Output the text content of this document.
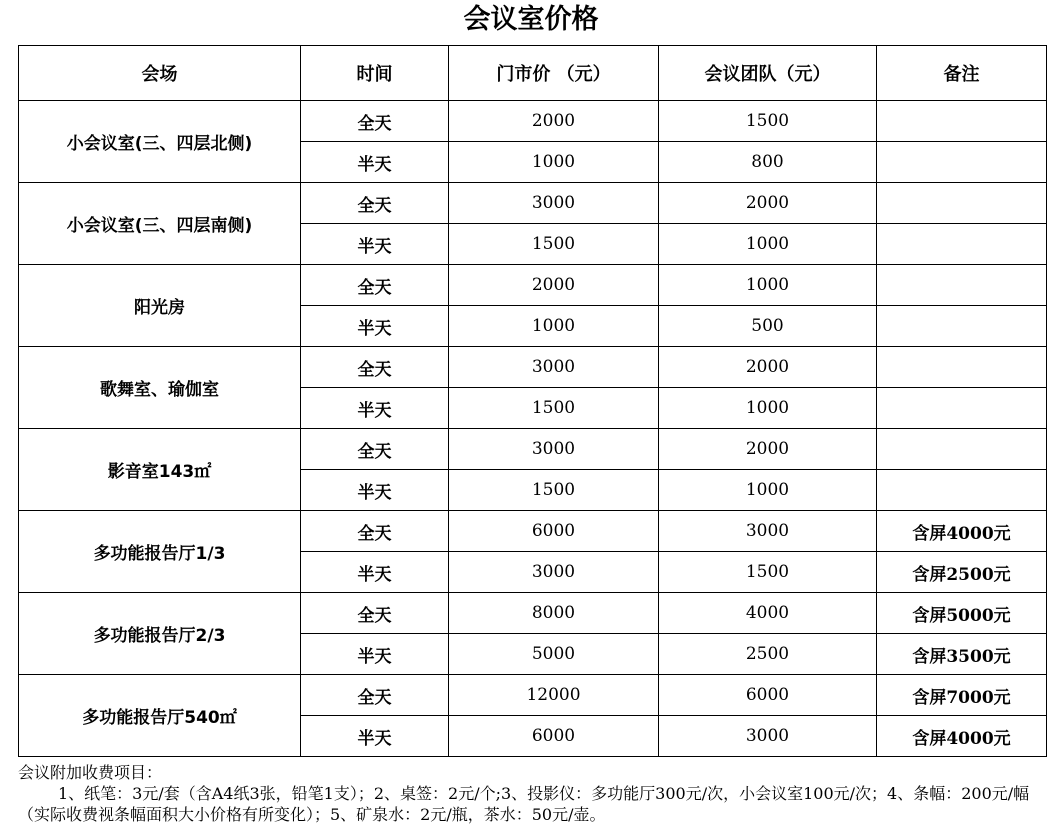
会议室价格
会场	时间	门市价 （元）	会议团队（元）	备注
小会议室(三、四层北侧)	全天	2000	1500	
	半天	1000	800	
小会议室(三、四层南侧)	全天	3000	2000	
	半天	1500	1000	
阳光房	全天	2000	1000	
	半天	1000	500	
歌舞室、瑜伽室	全天	3000	2000	
	半天	1500	1000	
影音室143㎡	全天	3000	2000	
	半天	1500	1000	
多功能报告厅1/3	全天	6000	3000	含屏4000元
	半天	3000	1500	含屏2500元
多功能报告厅2/3	全天	8000	4000	含屏5000元
	半天	5000	2500	含屏3500元
多功能报告厅540㎡	全天	12000	6000	含屏7000元
	半天	6000	3000	含屏4000元
会议附加收费项目：
1、纸笔：3元/套（含A4纸3张，铅笔1支）；2、桌签：2元/个;3、投影仪：多功能厅300元/次，小会议室100元/次；4、条幅：200元/幅（实际收费视条幅面积大小价格有所变化）；5、矿泉水：2元/瓶，茶水：50元/壶。
